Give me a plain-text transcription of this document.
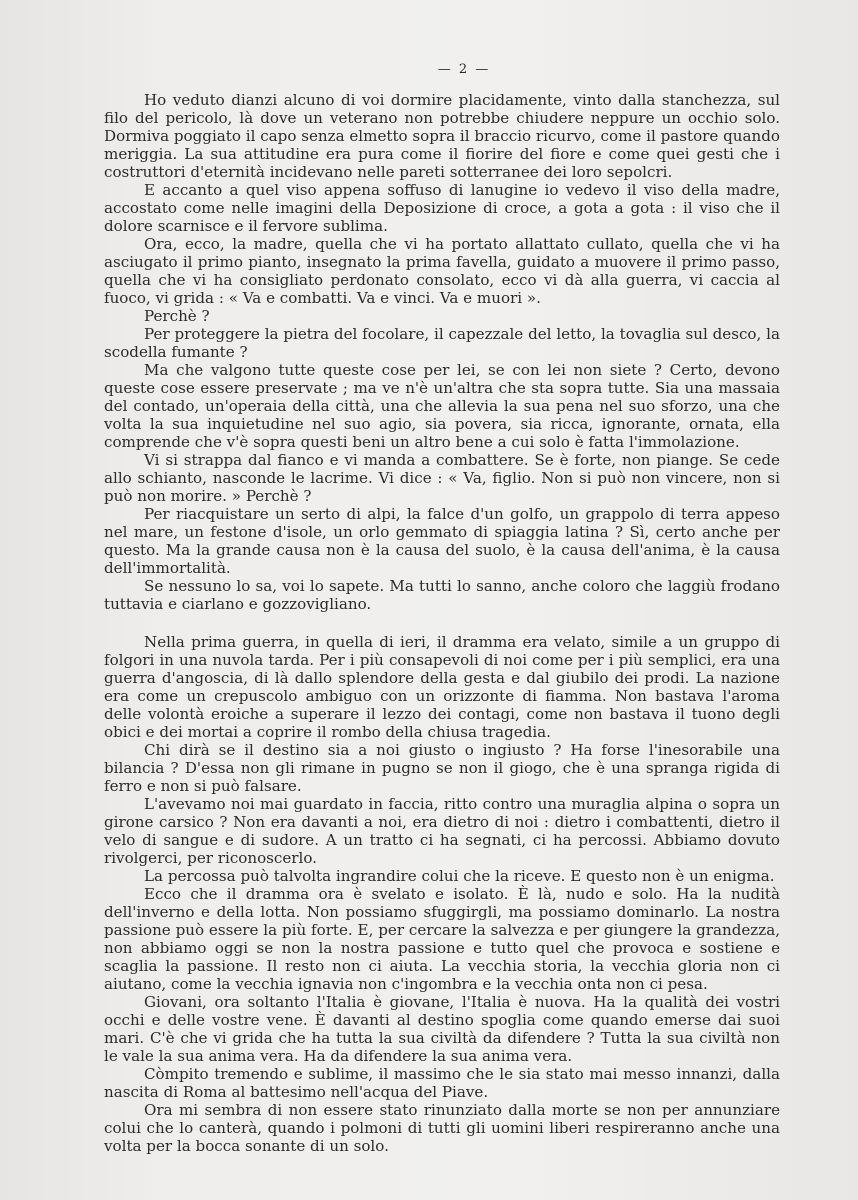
— 2 —

Ho veduto dianzi alcuno di voi dormire placidamente, vinto dalla stanchezza, sul filo del pericolo, là dove un veterano non potrebbe chiudere neppure un occhio solo. Dormiva poggiato il capo senza elmetto sopra il braccio ricurvo, come il pastore quando meriggia. La sua attitudine era pura come il fiorire del fiore e come quei gesti che i costruttori d'eternità incidevano nelle pareti sotterranee dei loro sepolcri.

E accanto a quel viso appena soffuso di lanugine io vedevo il viso della madre, accostato come nelle imagini della Deposizione di croce, a gota a gota : il viso che il dolore scarnisce e il fervore sublima.

Ora, ecco, la madre, quella che vi ha portato allattato cullato, quella che vi ha asciugato il primo pianto, insegnato la prima favella, guidato a muovere il primo passo, quella che vi ha consigliato perdonato consolato, ecco vi dà alla guerra, vi caccia al fuoco, vi grida : « Va e combatti. Va e vinci. Va e muori ».

Perchè ?

Per proteggere la pietra del focolare, il capezzale del letto, la tovaglia sul desco, la scodella fumante ?

Ma che valgono tutte queste cose per lei, se con lei non siete ? Certo, devono queste cose essere preservate ; ma ve n'è un'altra che sta sopra tutte. Sia una massaia del contado, un'operaia della città, una che allevia la sua pena nel suo sforzo, una che volta la sua inquietudine nel suo agio, sia povera, sia ricca, ignorante, ornata, ella comprende che v'è sopra questi beni un altro bene a cui solo è fatta l'immolazione.

Vi si strappa dal fianco e vi manda a combattere. Se è forte, non piange. Se cede allo schianto, nasconde le lacrime. Vi dice : « Va, figlio. Non si può non vincere, non si può non morire. » Perchè ?

Per riacquistare un serto di alpi, la falce d'un golfo, un grappolo di terra appeso nel mare, un festone d'isole, un orlo gemmato di spiaggia latina ? Sì, certo anche per questo. Ma la grande causa non è la causa del suolo, è la causa dell'anima, è la causa dell'immortalità.

Se nessuno lo sa, voi lo sapete. Ma tutti lo sanno, anche coloro che laggiù frodano tuttavia e ciarlano e gozzovigliano.

Nella prima guerra, in quella di ieri, il dramma era velato, simile a un gruppo di folgori in una nuvola tarda. Per i più consapevoli di noi come per i più semplici, era una guerra d'angoscia, di là dallo splendore della gesta e dal giubilo dei prodi. La nazione era come un crepuscolo ambiguo con un orizzonte di fiamma. Non bastava l'aroma delle volontà eroiche a superare il lezzo dei contagi, come non bastava il tuono degli obici e dei mortai a coprire il rombo della chiusa tragedia.

Chi dirà se il destino sia a noi giusto o ingiusto ? Ha forse l'inesorabile una bilancia ? D'essa non gli rimane in pugno se non il giogo, che è una spranga rigida di ferro e non si può falsare.

L'avevamo noi mai guardato in faccia, ritto contro una muraglia alpina o sopra un girone carsico ? Non era davanti a noi, era dietro di noi : dietro i combattenti, dietro il velo di sangue e di sudore. A un tratto ci ha segnati, ci ha percossi. Abbiamo dovuto rivolgerci, per riconoscerlo.

La percossa può talvolta ingrandire colui che la riceve. E questo non è un enigma.

Ecco che il dramma ora è svelato e isolato. È là, nudo e solo. Ha la nudità dell'inverno e della lotta. Non possiamo sfuggirgli, ma possiamo dominarlo. La nostra passione può essere la più forte. E, per cercare la salvezza e per giungere la grandezza, non abbiamo oggi se non la nostra passione e tutto quel che provoca e sostiene e scaglia la passione. Il resto non ci aiuta. La vecchia storia, la vecchia gloria non ci aiutano, come la vecchia ignavia non c'ingombra e la vecchia onta non ci pesa.

Giovani, ora soltanto l'Italia è giovane, l'Italia è nuova. Ha la qualità dei vostri occhi e delle vostre vene. È davanti al destino spoglia come quando emerse dai suoi mari. C'è che vi grida che ha tutta la sua civiltà da difendere ? Tutta la sua civiltà non le vale la sua anima vera. Ha da difendere la sua anima vera.

Còmpito tremendo e sublime, il massimo che le sia stato mai messo innanzi, dalla nascita di Roma al battesimo nell'acqua del Piave.

Ora mi sembra di non essere stato rinunziato dalla morte se non per annunziare colui che lo canterà, quando i polmoni di tutti gli uomini liberi respireranno anche una volta per la bocca sonante di un solo.
